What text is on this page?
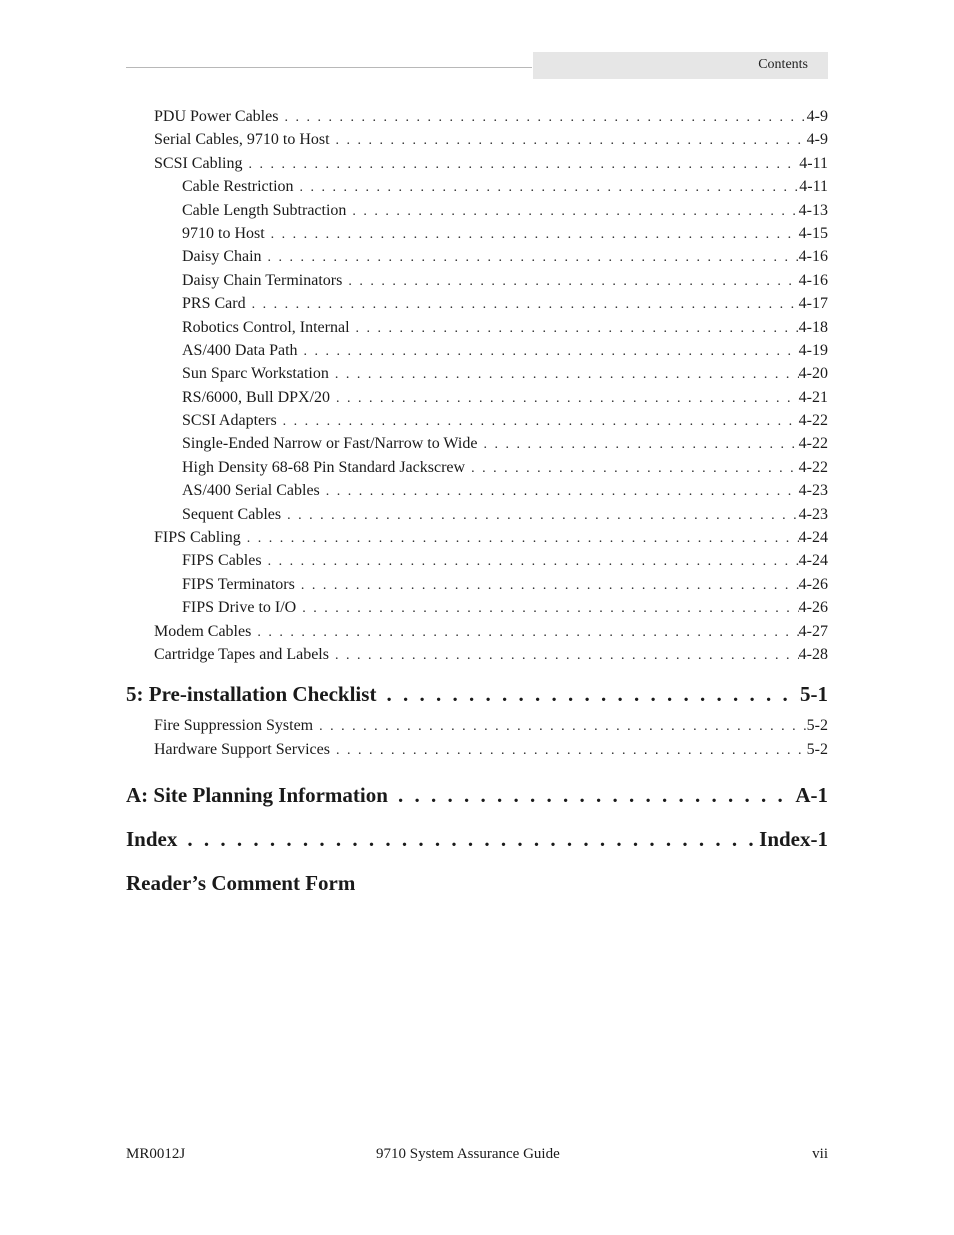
Contents
PDU Power Cables . . .	4-9
Serial Cables, 9710 to Host . . .	4-9
SCSI Cabling . . .	4-11
Cable Restriction . . .	4-11
Cable Length Subtraction . . .	4-13
9710 to Host . . .	4-15
Daisy Chain . . .	4-16
Daisy Chain Terminators . . .	4-16
PRS Card . . .	4-17
Robotics Control, Internal . . .	4-18
AS/400 Data Path . . .	4-19
Sun Sparc Workstation . . .	4-20
RS/6000, Bull DPX/20 . . .	4-21
SCSI Adapters . . .	4-22
Single-Ended Narrow or Fast/Narrow to Wide . . .	4-22
High Density 68-68 Pin Standard Jackscrew . . .	4-22
AS/400 Serial Cables . . .	4-23
Sequent Cables . . .	4-23
FIPS Cabling . . .	4-24
FIPS Cables . . .	4-24
FIPS Terminators . . .	4-26
FIPS Drive to I/O . . .	4-26
Modem Cables . . .	4-27
Cartridge Tapes and Labels . . .	4-28
5: Pre-installation Checklist . . .	5-1
Fire Suppression System . . .	5-2
Hardware Support Services . . .	5-2
A: Site Planning Information . . .	A-1
Index . . .	Index-1
Reader’s Comment Form
MR0012J	9710 System Assurance Guide	vii
